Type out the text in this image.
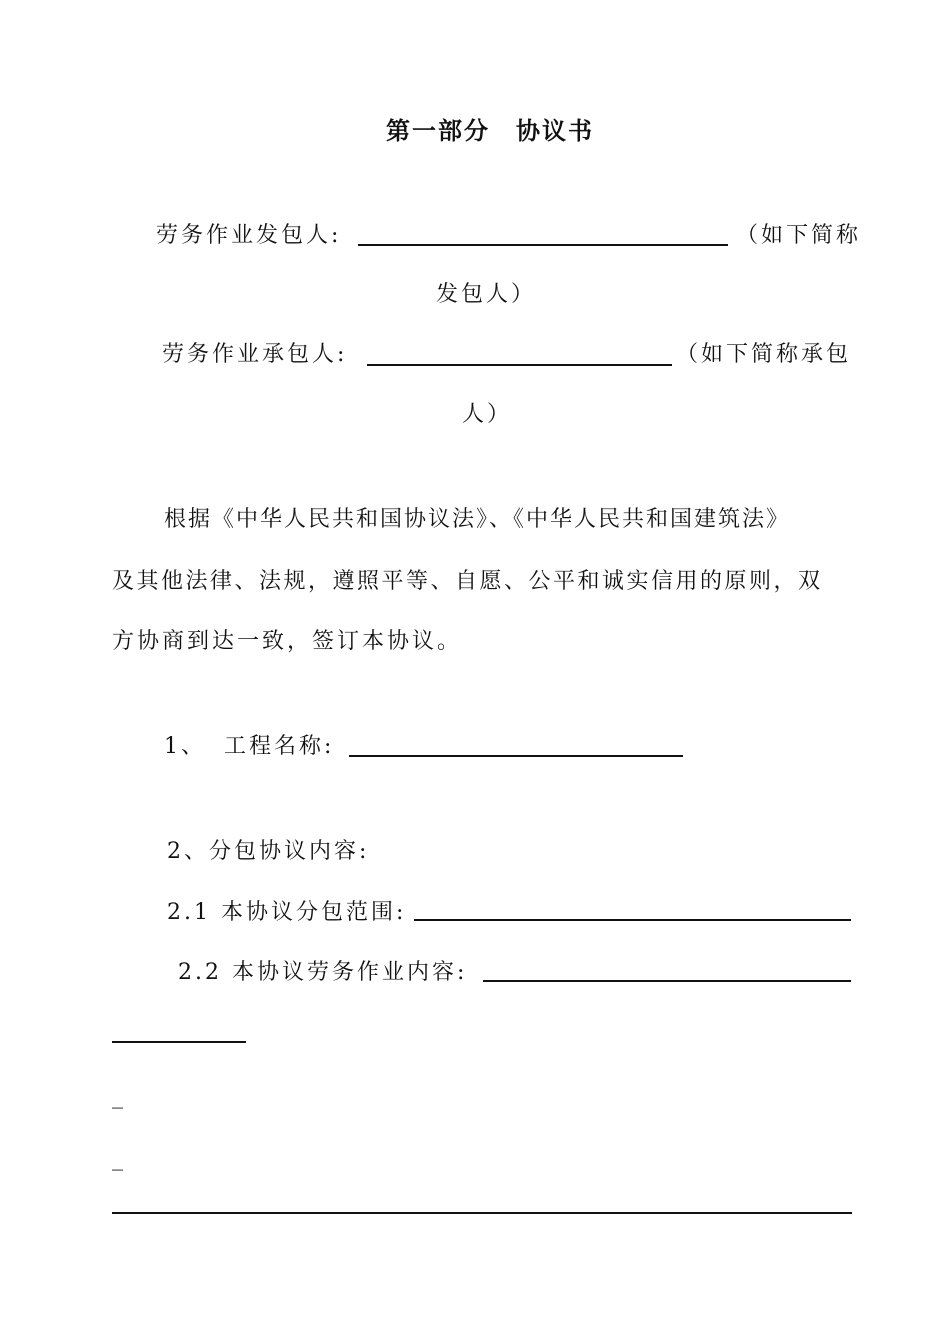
第一部分　协议书
劳务作业发包人:	（如下简称
发包人）
劳务作业承包人:	（如下简称承包
人）
根据《中华人民共和国协议法》、《中华人民共和国建筑法》
及其他法律、法规，遵照平等、自愿、公平和诚实信用的原则，双
方协商到达一致，签订本协议。
1、 工程名称:
2、分包协议内容:
2.1 本协议分包范围:
2.2 本协议劳务作业内容:
_
_
